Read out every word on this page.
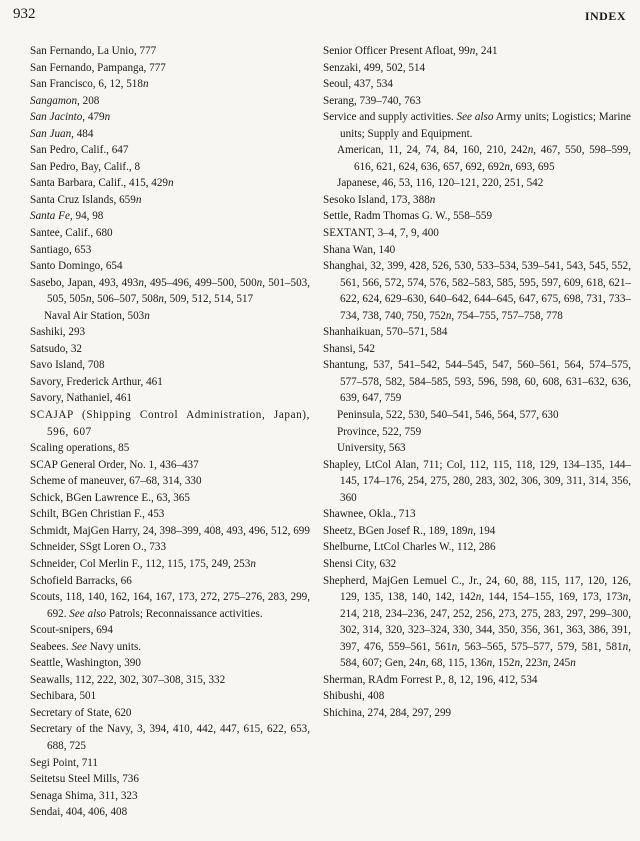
932	INDEX
San Fernando, La Unio, 777
San Fernando, Pampanga, 777
San Francisco, 6, 12, 518n
Sangamon, 208
San Jacinto, 479n
San Juan, 484
San Pedro, Calif., 647
San Pedro, Bay, Calif., 8
Santa Barbara, Calif., 415, 429n
Santa Cruz Islands, 659n
Santa Fe, 94, 98
Santee, Calif., 680
Santiago, 653
Santo Domingo, 654
Sasebo, Japan, 493, 493n, 495–496, 499–500, 500n, 501–503, 505, 505n, 506–507, 508n, 509, 512, 514, 517
Naval Air Station, 503n
Sashiki, 293
Satsudo, 32
Savo Island, 708
Savory, Frederick Arthur, 461
Savory, Nathaniel, 461
SCAJAP (Shipping Control Administration, Japan), 596, 607
Scaling operations, 85
SCAP General Order, No. 1, 436–437
Scheme of maneuver, 67–68, 314, 330
Schick, BGen Lawrence E., 63, 365
Schilt, BGen Christian F., 453
Schmidt, MajGen Harry, 24, 398–399, 408, 493, 496, 512, 699
Schneider, SSgt Loren O., 733
Schneider, Col Merlin F., 112, 115, 175, 249, 253n
Schofield Barracks, 66
Scouts, 118, 140, 162, 164, 167, 173, 272, 275–276, 283, 299, 692. See also Patrols; Reconnaissance activities.
Scout-snipers, 694
Seabees. See Navy units.
Seattle, Washington, 390
Seawalls, 112, 222, 302, 307–308, 315, 332
Sechibara, 501
Secretary of State, 620
Secretary of the Navy, 3, 394, 410, 442, 447, 615, 622, 653, 688, 725
Segi Point, 711
Seitetsu Steel Mills, 736
Senaga Shima, 311, 323
Sendai, 404, 406, 408
Senior Officer Present Afloat, 99n, 241
Senzaki, 499, 502, 514
Seoul, 437, 534
Serang, 739–740, 763
Service and supply activities. See also Army units; Logistics; Marine units; Supply and Equipment.
American, 11, 24, 74, 84, 160, 210, 242n, 467, 550, 598–599, 616, 621, 624, 636, 657, 692, 692n, 693, 695
Japanese, 46, 53, 116, 120–121, 220, 251, 542
Sesoko Island, 173, 388n
Settle, Radm Thomas G. W., 558–559
SEXTANT, 3–4, 7, 9, 400
Shana Wan, 140
Shanghai, 32, 399, 428, 526, 530, 533–534, 539–541, 543, 545, 552, 561, 566, 572, 574, 576, 582–583, 585, 595, 597, 609, 618, 621–622, 624, 629–630, 640–642, 644–645, 647, 675, 698, 731, 733–734, 738, 740, 750, 752n, 754–755, 757–758, 778
Shanhaikuan, 570–571, 584
Shansi, 542
Shantung, 537, 541–542, 544–545, 547, 560–561, 564, 574–575, 577–578, 582, 584–585, 593, 596, 598, 60, 608, 631–632, 636, 639, 647, 759
Peninsula, 522, 530, 540–541, 546, 564, 577, 630
Province, 522, 759
University, 563
Shapley, LtCol Alan, 711; Col, 112, 115, 118, 129, 134–135, 144–145, 174–176, 254, 275, 280, 283, 302, 306, 309, 311, 314, 356, 360
Shawnee, Okla., 713
Sheetz, BGen Josef R., 189, 189n, 194
Shelburne, LtCol Charles W., 112, 286
Shensi City, 632
Shepherd, MajGen Lemuel C., Jr., 24, 60, 88, 115, 117, 120, 126, 129, 135, 138, 140, 142, 142n, 144, 154–155, 169, 173, 173n, 214, 218, 234–236, 247, 252, 256, 273, 275, 283, 297, 299–300, 302, 314, 320, 323–324, 330, 344, 350, 356, 361, 363, 386, 391, 397, 476, 559–561, 561n, 563–565, 575–577, 579, 581, 581n, 584, 607; Gen, 24n, 68, 115, 136n, 152n, 223n, 245n
Sherman, RAdm Forrest P., 8, 12, 196, 412, 534
Shibushi, 408
Shichina, 274, 284, 297, 299
